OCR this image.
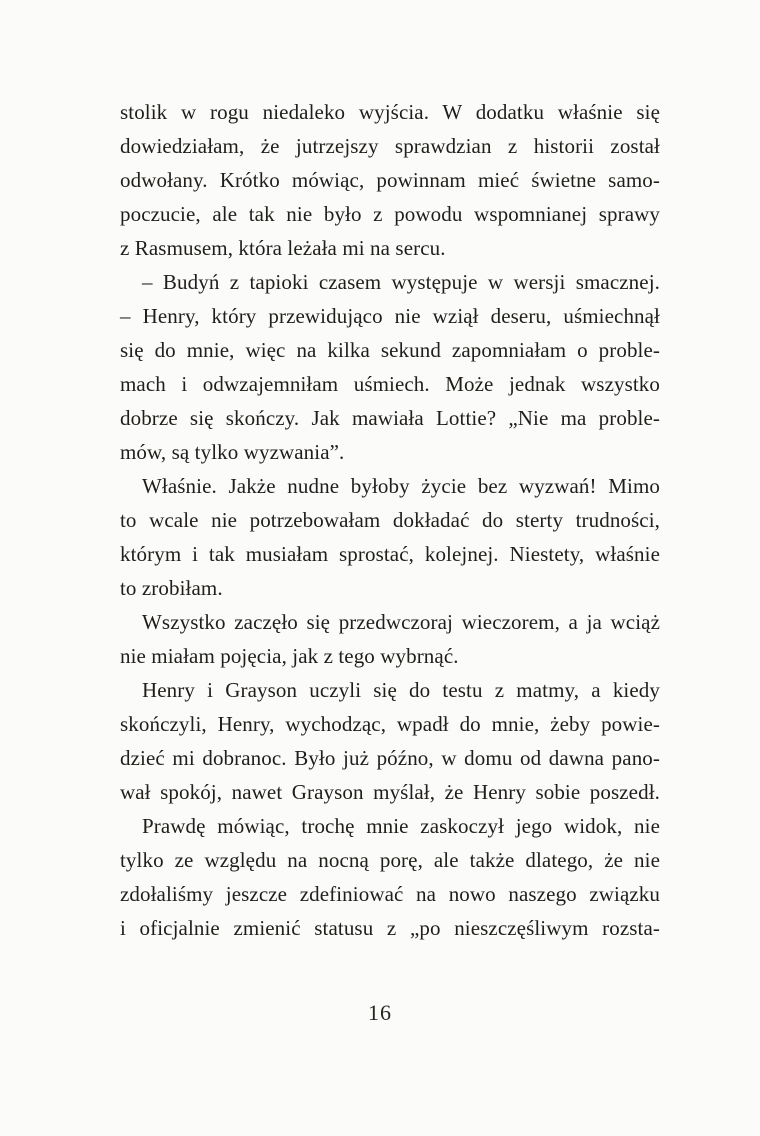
stolik w rogu niedaleko wyjścia. W dodatku właśnie się
dowiedziałam, że jutrzejszy sprawdzian z historii został
odwołany. Krótko mówiąc, powinnam mieć świetne samo-
poczucie, ale tak nie było z powodu wspomnianej sprawy
z Rasmusem, która leżała mi na sercu.
– Budyń z tapioki czasem występuje w wersji smacznej.
– Henry, który przewidująco nie wziął deseru, uśmiechnął
się do mnie, więc na kilka sekund zapomniałam o proble-
mach i odwzajemniłam uśmiech. Może jednak wszystko
dobrze się skończy. Jak mawiała Lottie? „Nie ma proble-
mów, są tylko wyzwania”.
Właśnie. Jakże nudne byłoby życie bez wyzwań! Mimo
to wcale nie potrzebowałam dokładać do sterty trudności,
którym i tak musiałam sprostać, kolejnej. Niestety, właśnie
to zrobiłam.
Wszystko zaczęło się przedwczoraj wieczorem, a ja wciąż
nie miałam pojęcia, jak z tego wybrnąć.
Henry i Grayson uczyli się do testu z matmy, a kiedy
skończyli, Henry, wychodząc, wpadł do mnie, żeby powie-
dzieć mi dobranoc. Było już późno, w domu od dawna pano-
wał spokój, nawet Grayson myślał, że Henry sobie poszedł.
Prawdę mówiąc, trochę mnie zaskoczył jego widok, nie
tylko ze względu na nocną porę, ale także dlatego, że nie
zdołaliśmy jeszcze zdefiniować na nowo naszego związku
i oficjalnie zmienić statusu z „po nieszczęśliwym rozsta-
16
